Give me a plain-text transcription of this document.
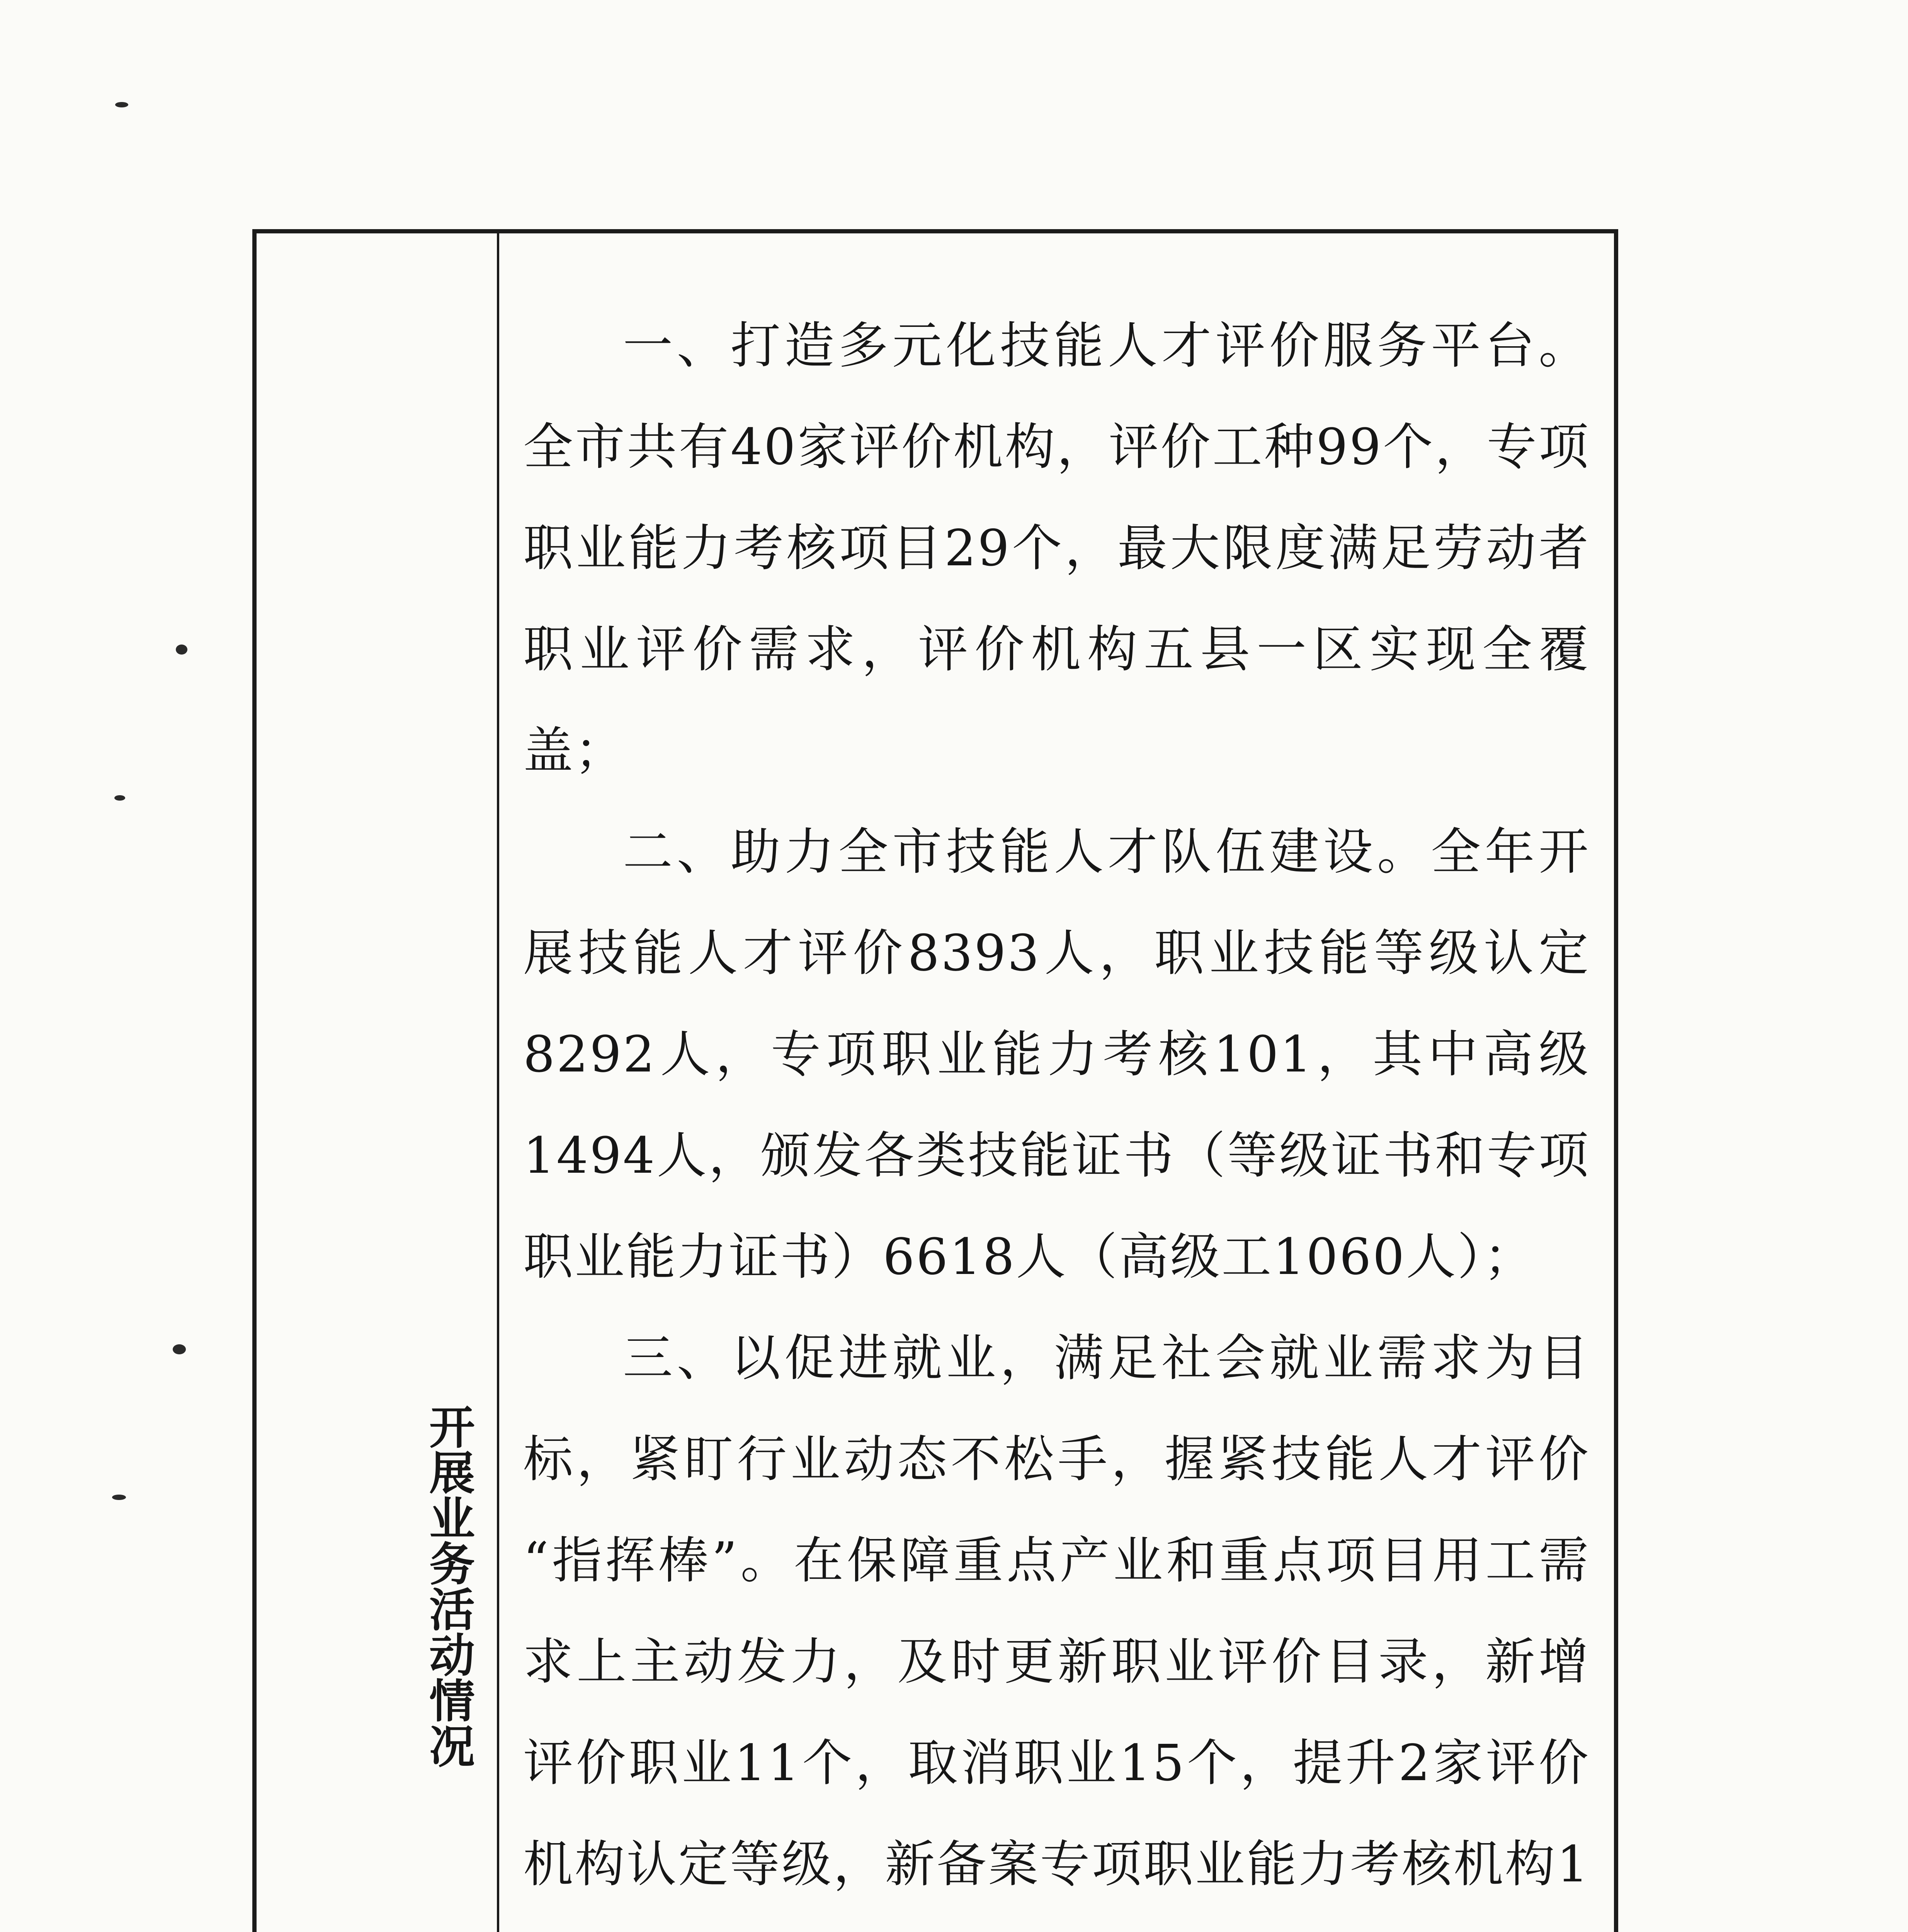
开展业务活动情况

一、打造多元化技能人才评价服务平台。全市共有40家评价机构，评价工种99个，专项职业能力考核项目29个，最大限度满足劳动者职业评价需求，评价机构五县一区实现全覆盖；

二、助力全市技能人才队伍建设。全年开展技能人才评价8393人，职业技能等级认定8292人，专项职业能力考核101，其中高级1494人，颁发各类技能证书（等级证书和专项职业能力证书）6618人（高级工1060人）；

三、以促进就业，满足社会就业需求为目标，紧盯行业动态不松手，握紧技能人才评价 “指挥棒”。在保障重点产业和重点项目用工需求上主动发力，及时更新职业评价目录，新增评价职业11个，取消职业15个，提升2家评价机构认定等级，新备案专项职业能力考核机构1
